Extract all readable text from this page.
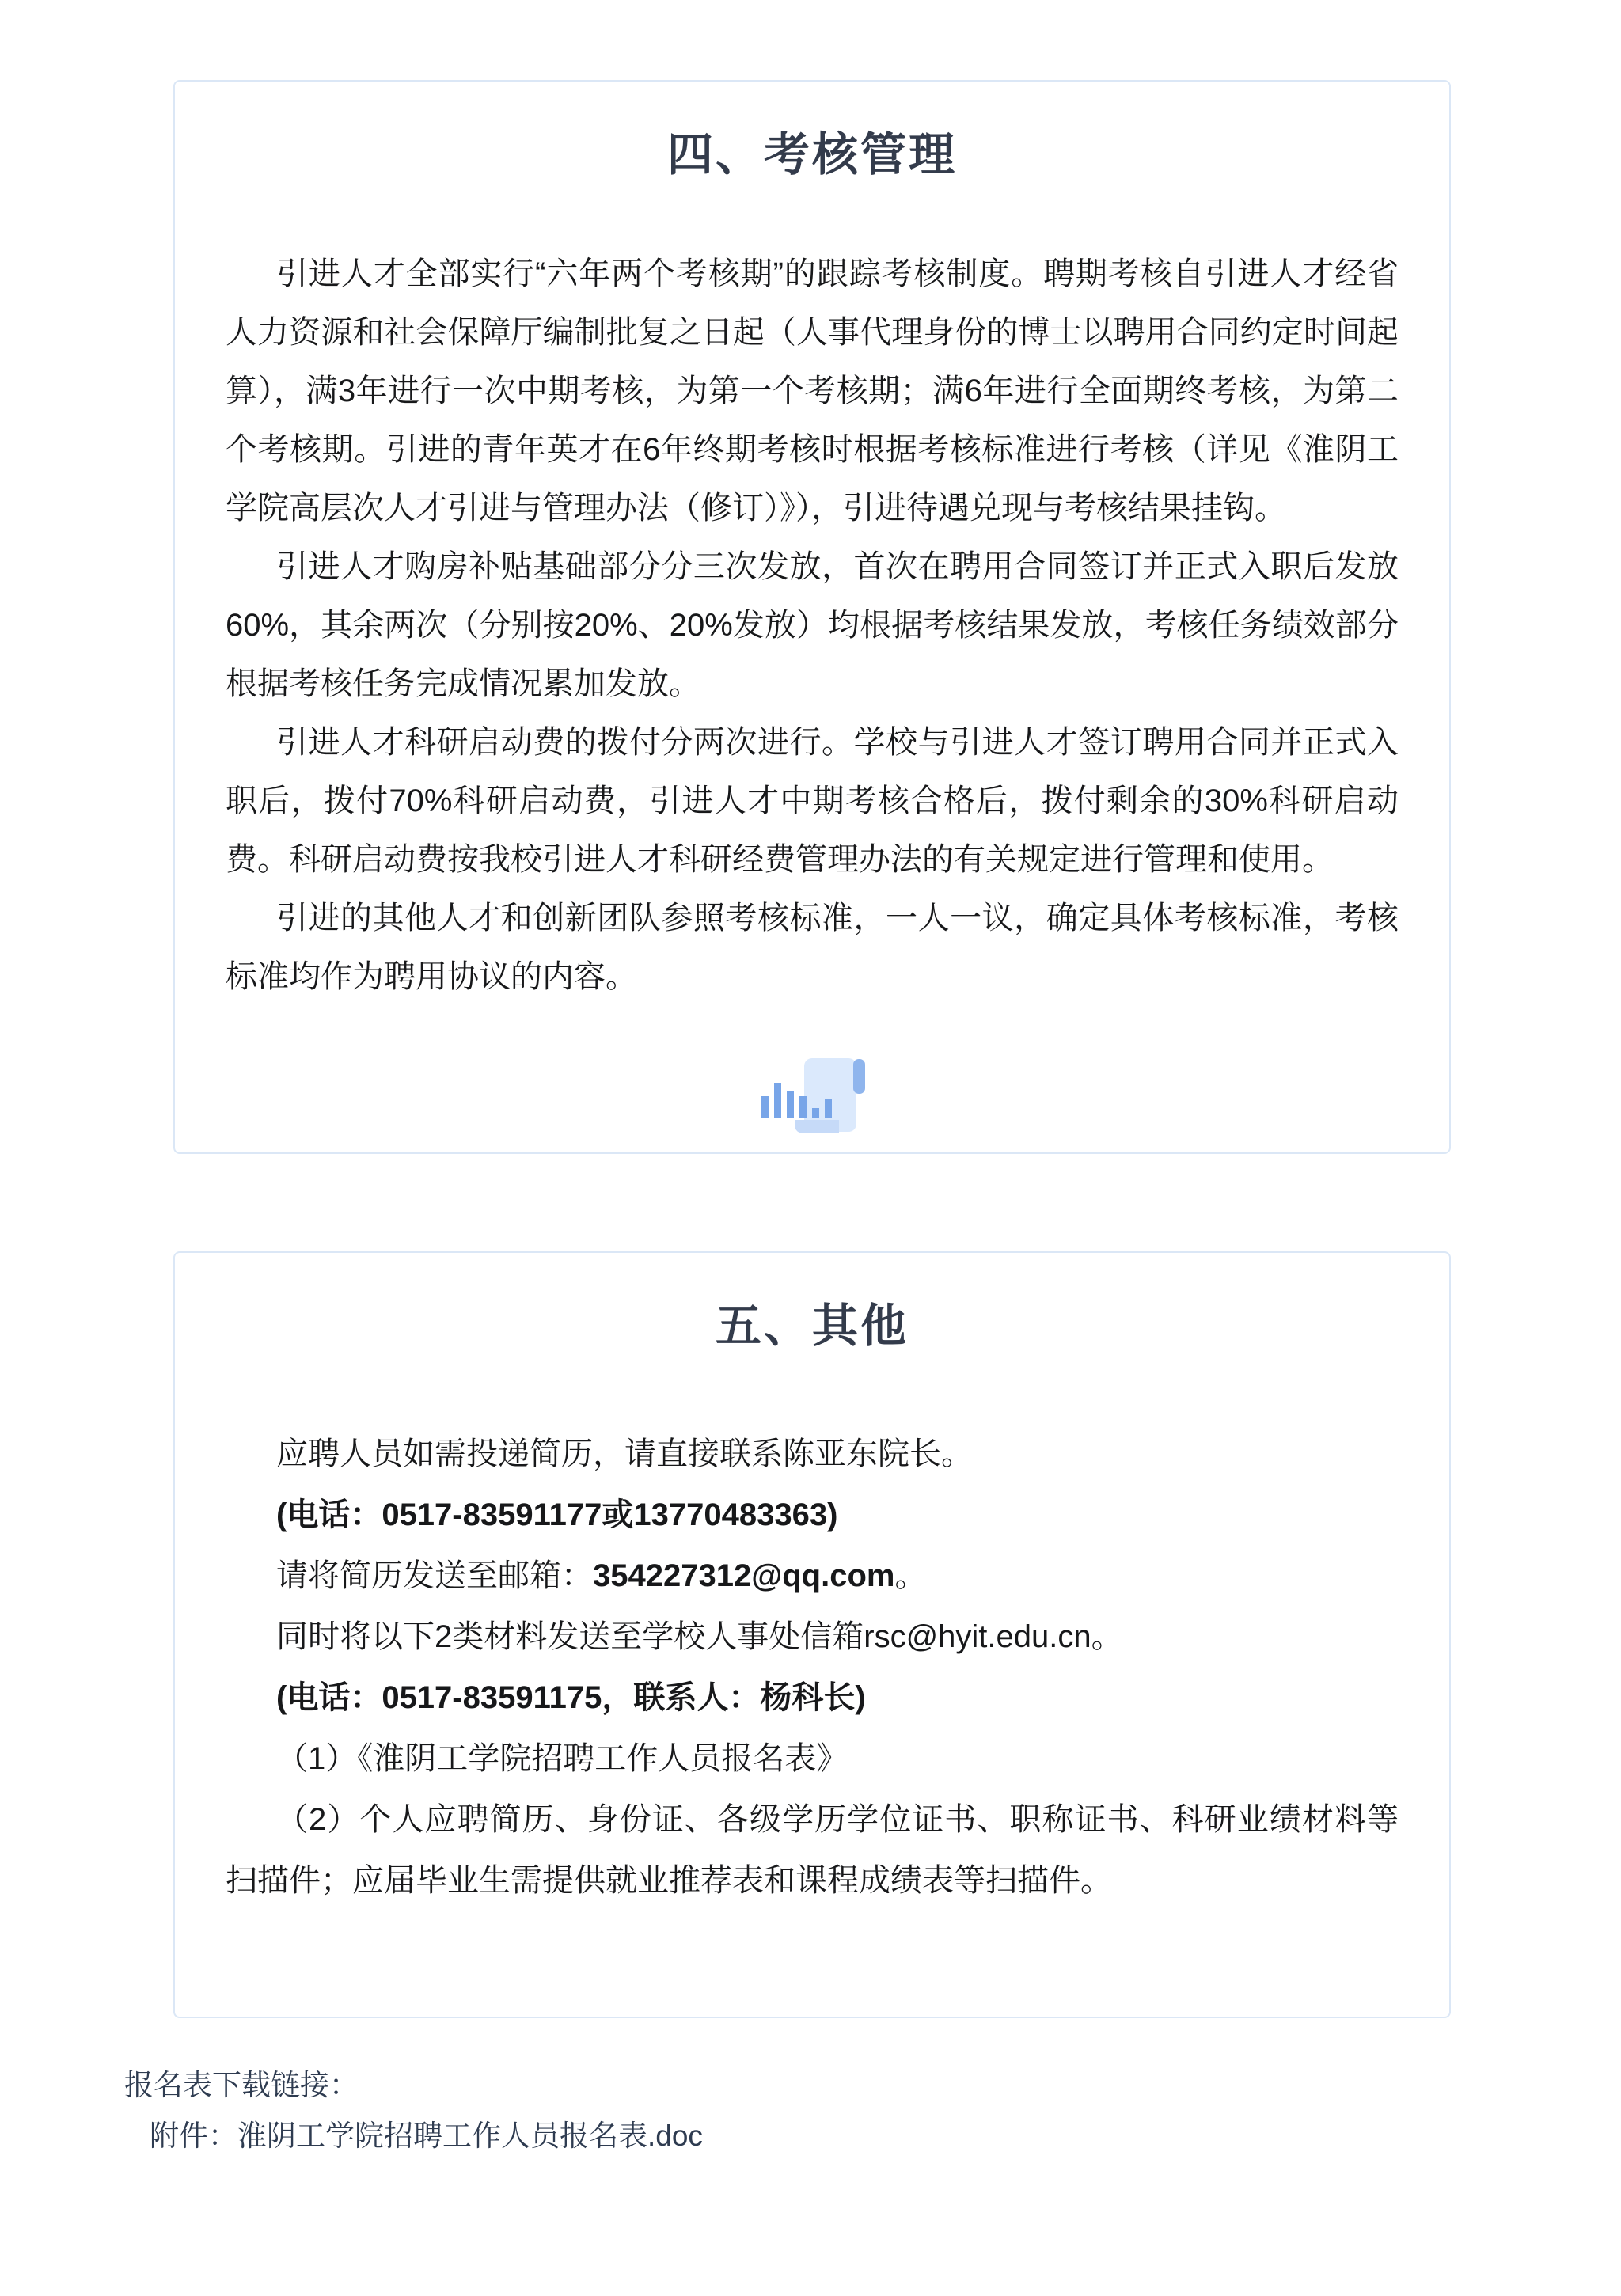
四、考核管理

引进人才全部实行“六年两个考核期”的跟踪考核制度。聘期考核自引进人才经省人力资源和社会保障厅编制批复之日起（人事代理身份的博士以聘用合同约定时间起算），满3年进行一次中期考核，为第一个考核期；满6年进行全面期终考核，为第二个考核期。引进的青年英才在6年终期考核时根据考核标准进行考核（详见《淮阴工学院高层次人才引进与管理办法（修订）》），引进待遇兑现与考核结果挂钩。

引进人才购房补贴基础部分分三次发放，首次在聘用合同签订并正式入职后发放60%，其余两次（分别按20%、20%发放）均根据考核结果发放，考核任务绩效部分根据考核任务完成情况累加发放。

引进人才科研启动费的拨付分两次进行。学校与引进人才签订聘用合同并正式入职后，拨付70%科研启动费，引进人才中期考核合格后，拨付剩余的30%科研启动费。科研启动费按我校引进人才科研经费管理办法的有关规定进行管理和使用。

引进的其他人才和创新团队参照考核标准，一人一议，确定具体考核标准，考核标准均作为聘用协议的内容。

五、其他

应聘人员如需投递简历，请直接联系陈亚东院长。

(电话：0517-83591177或13770483363)

请将简历发送至邮箱：354227312@qq.com。

同时将以下2类材料发送至学校人事处信箱rsc@hyit.edu.cn。

(电话：0517-83591175，联系人：杨科长)

（1）《淮阴工学院招聘工作人员报名表》

（2）个人应聘简历、身份证、各级学历学位证书、职称证书、科研业绩材料等扫描件；应届毕业生需提供就业推荐表和课程成绩表等扫描件。

报名表下载链接：
附件：淮阴工学院招聘工作人员报名表.doc
